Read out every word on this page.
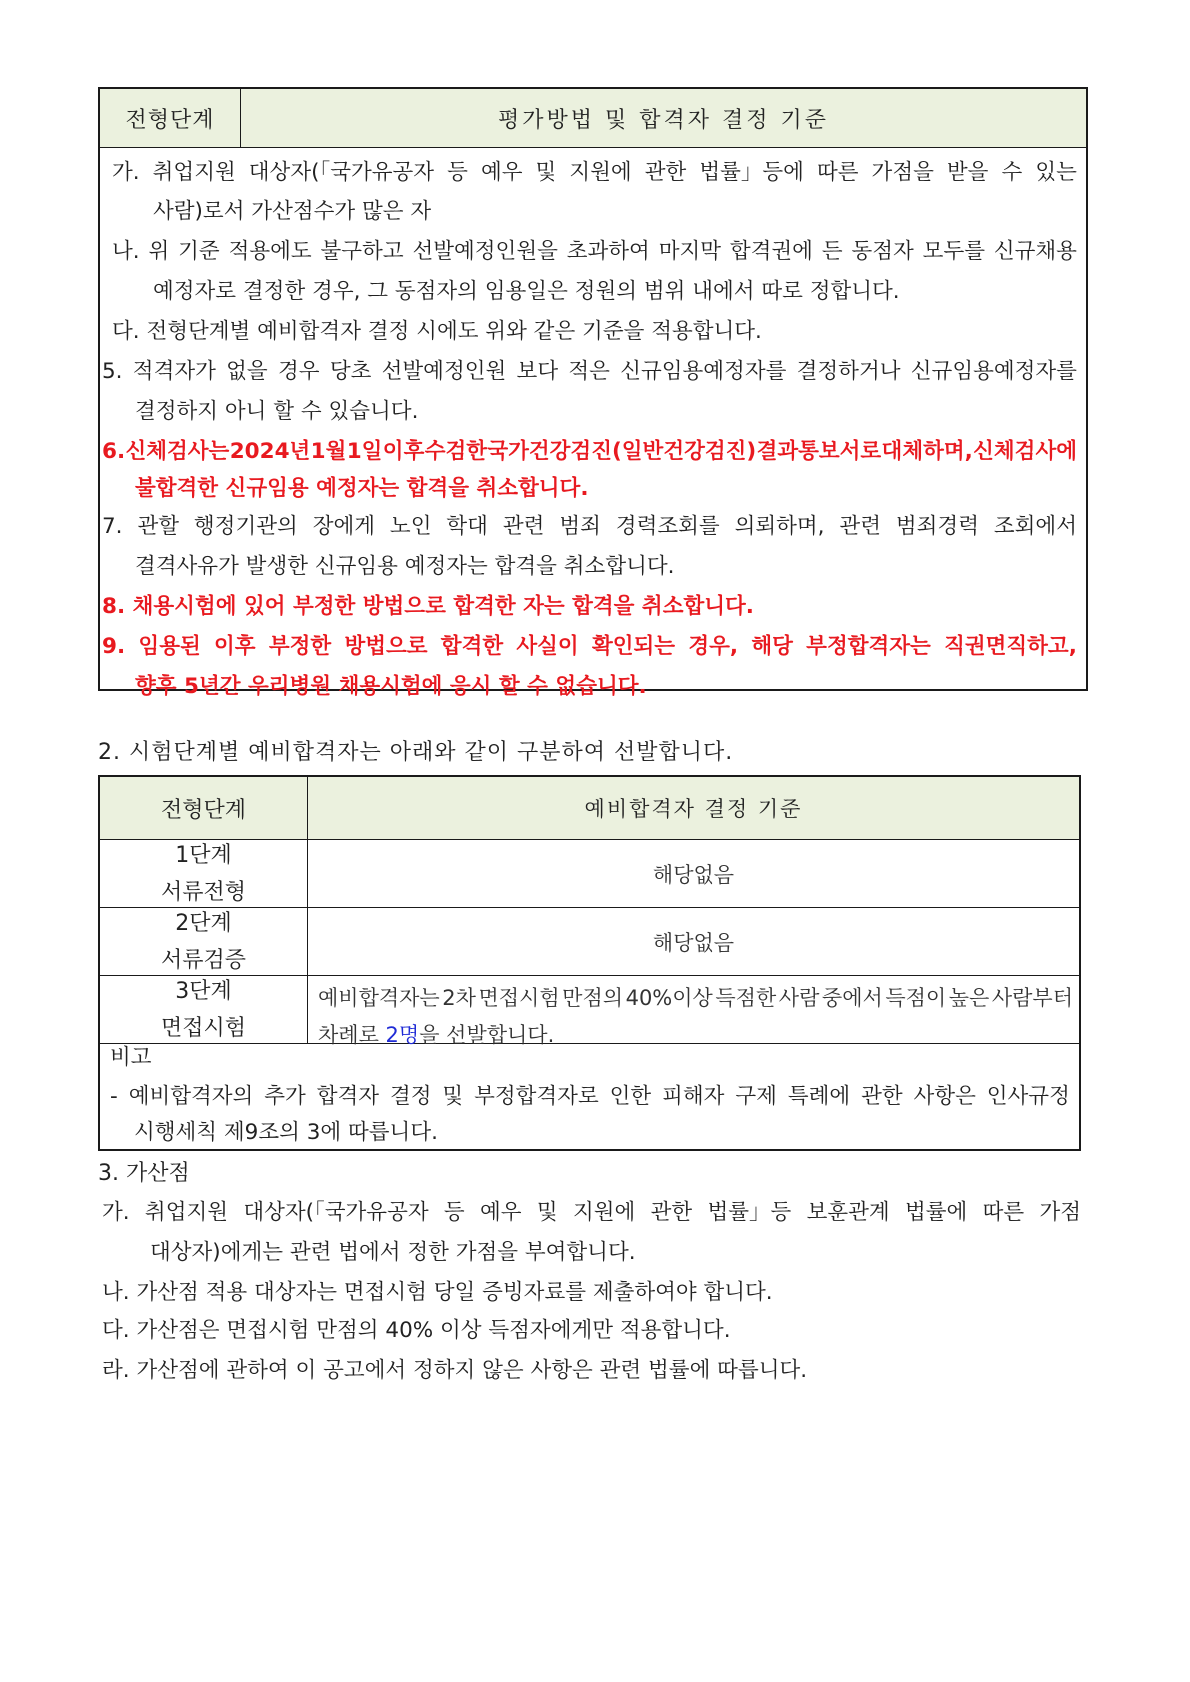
전형단계	평가방법 및 합격자 결정 기준
가. 취업지원 대상자(「국가유공자 등 예우 및 지원에 관한 법률」등에 따른 가점을 받을 수 있는
사람)로서 가산점수가 많은 자
나. 위 기준 적용에도 불구하고 선발예정인원을 초과하여 마지막 합격권에 든 동점자 모두를 신규채용
예정자로 결정한 경우, 그 동점자의 임용일은 정원의 범위 내에서 따로 정합니다.
다. 전형단계별 예비합격자 결정 시에도 위와 같은 기준을 적용합니다.
5. 적격자가 없을 경우 당초 선발예정인원 보다 적은 신규임용예정자를 결정하거나 신규임용예정자를
결정하지 아니 할 수 있습니다.
6. 신체검사는 2024년 1월 1일 이후 수검한 국가건강검진(일반건강검진) 결과통보서로 대체하며, 신체검사에
불합격한 신규임용 예정자는 합격을 취소합니다.
7. 관할 행정기관의 장에게 노인 학대 관련 범죄 경력조회를 의뢰하며, 관련 범죄경력 조회에서
결격사유가 발생한 신규임용 예정자는 합격을 취소합니다.
8. 채용시험에 있어 부정한 방법으로 합격한 자는 합격을 취소합니다.
9. 임용된 이후 부정한 방법으로 합격한 사실이 확인되는 경우, 해당 부정합격자는 직권면직하고,
향후 5년간 우리병원 채용시험에 응시 할 수 없습니다.
2. 시험단계별 예비합격자는 아래와 같이 구분하여 선발합니다.
전형단계	예비합격자 결정 기준
1단계
서류전형
해당없음
2단계
서류검증
해당없음
3단계
면접시험
예비합격자는 2차 면접시험 만점의 40%이상 득점한 사람 중에서 득점이 높은 사람부터
차례로 2명을 선발합니다.
비고
- 예비합격자의 추가 합격자 결정 및 부정합격자로 인한 피해자 구제 특례에 관한 사항은 인사규정
시행세칙 제9조의 3에 따릅니다.
3. 가산점
가. 취업지원 대상자(「국가유공자 등 예우 및 지원에 관한 법률」등 보훈관계 법률에 따른 가점
대상자)에게는 관련 법에서 정한 가점을 부여합니다.
나. 가산점 적용 대상자는 면접시험 당일 증빙자료를 제출하여야 합니다.
다. 가산점은 면접시험 만점의 40% 이상 득점자에게만 적용합니다.
라. 가산점에 관하여 이 공고에서 정하지 않은 사항은 관련 법률에 따릅니다.
